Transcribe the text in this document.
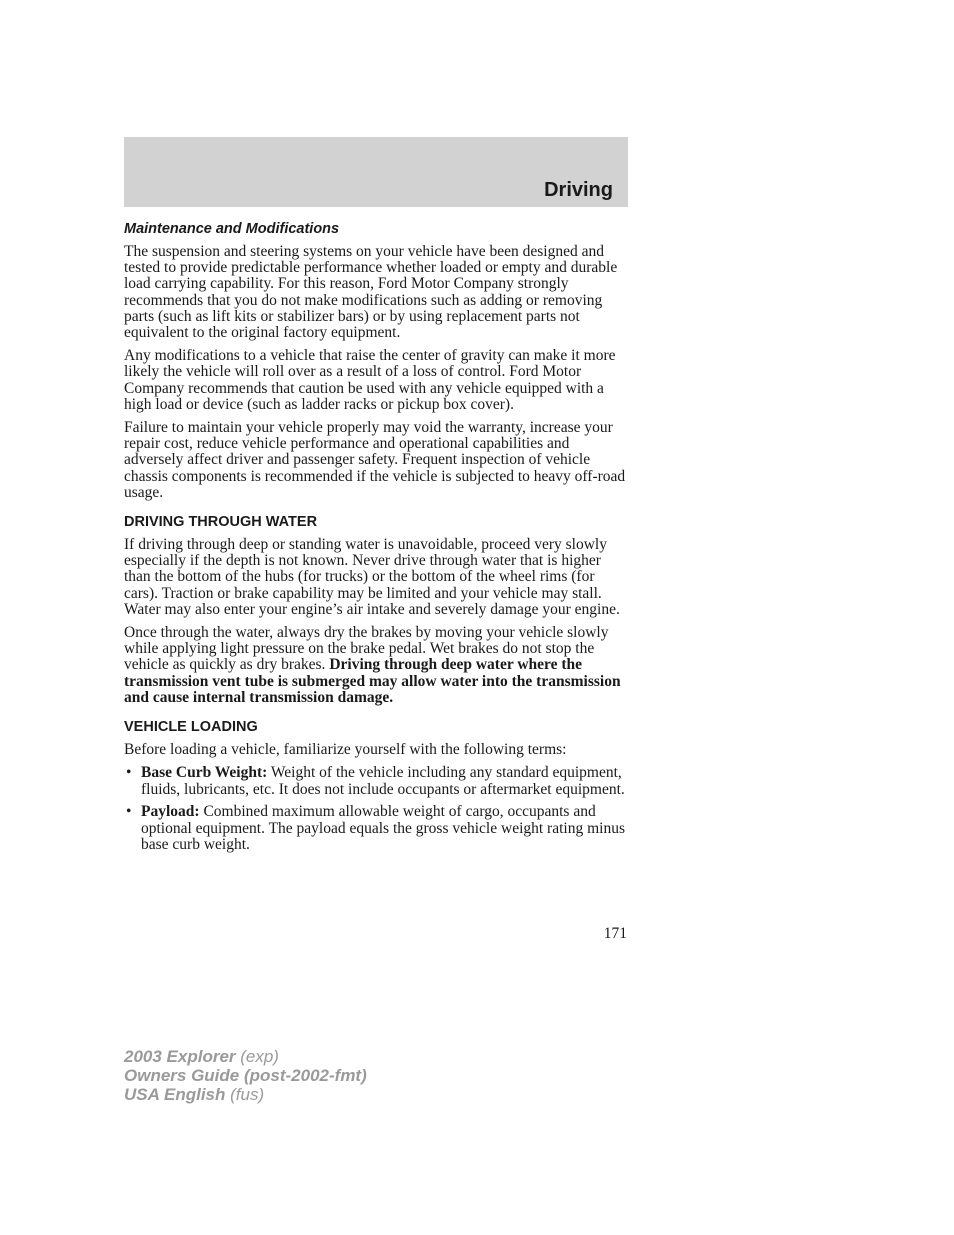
Driving
Maintenance and Modifications

The suspension and steering systems on your vehicle have been designed and tested to provide predictable performance whether loaded or empty and durable load carrying capability. For this reason, Ford Motor Company strongly recommends that you do not make modifications such as adding or removing parts (such as lift kits or stabilizer bars) or by using replacement parts not equivalent to the original factory equipment.

Any modifications to a vehicle that raise the center of gravity can make it more likely the vehicle will roll over as a result of a loss of control. Ford Motor Company recommends that caution be used with any vehicle equipped with a high load or device (such as ladder racks or pickup box cover).

Failure to maintain your vehicle properly may void the warranty, increase your repair cost, reduce vehicle performance and operational capabilities and adversely affect driver and passenger safety. Frequent inspection of vehicle chassis components is recommended if the vehicle is subjected to heavy off-road usage.

DRIVING THROUGH WATER

If driving through deep or standing water is unavoidable, proceed very slowly especially if the depth is not known. Never drive through water that is higher than the bottom of the hubs (for trucks) or the bottom of the wheel rims (for cars). Traction or brake capability may be limited and your vehicle may stall. Water may also enter your engine’s air intake and severely damage your engine.

Once through the water, always dry the brakes by moving your vehicle slowly while applying light pressure on the brake pedal. Wet brakes do not stop the vehicle as quickly as dry brakes. Driving through deep water where the transmission vent tube is submerged may allow water into the transmission and cause internal transmission damage.

VEHICLE LOADING

Before loading a vehicle, familiarize yourself with the following terms:

• Base Curb Weight: Weight of the vehicle including any standard equipment, fluids, lubricants, etc. It does not include occupants or aftermarket equipment.
• Payload: Combined maximum allowable weight of cargo, occupants and optional equipment. The payload equals the gross vehicle weight rating minus base curb weight.
171
2003 Explorer (exp)
Owners Guide (post-2002-fmt)
USA English (fus)
